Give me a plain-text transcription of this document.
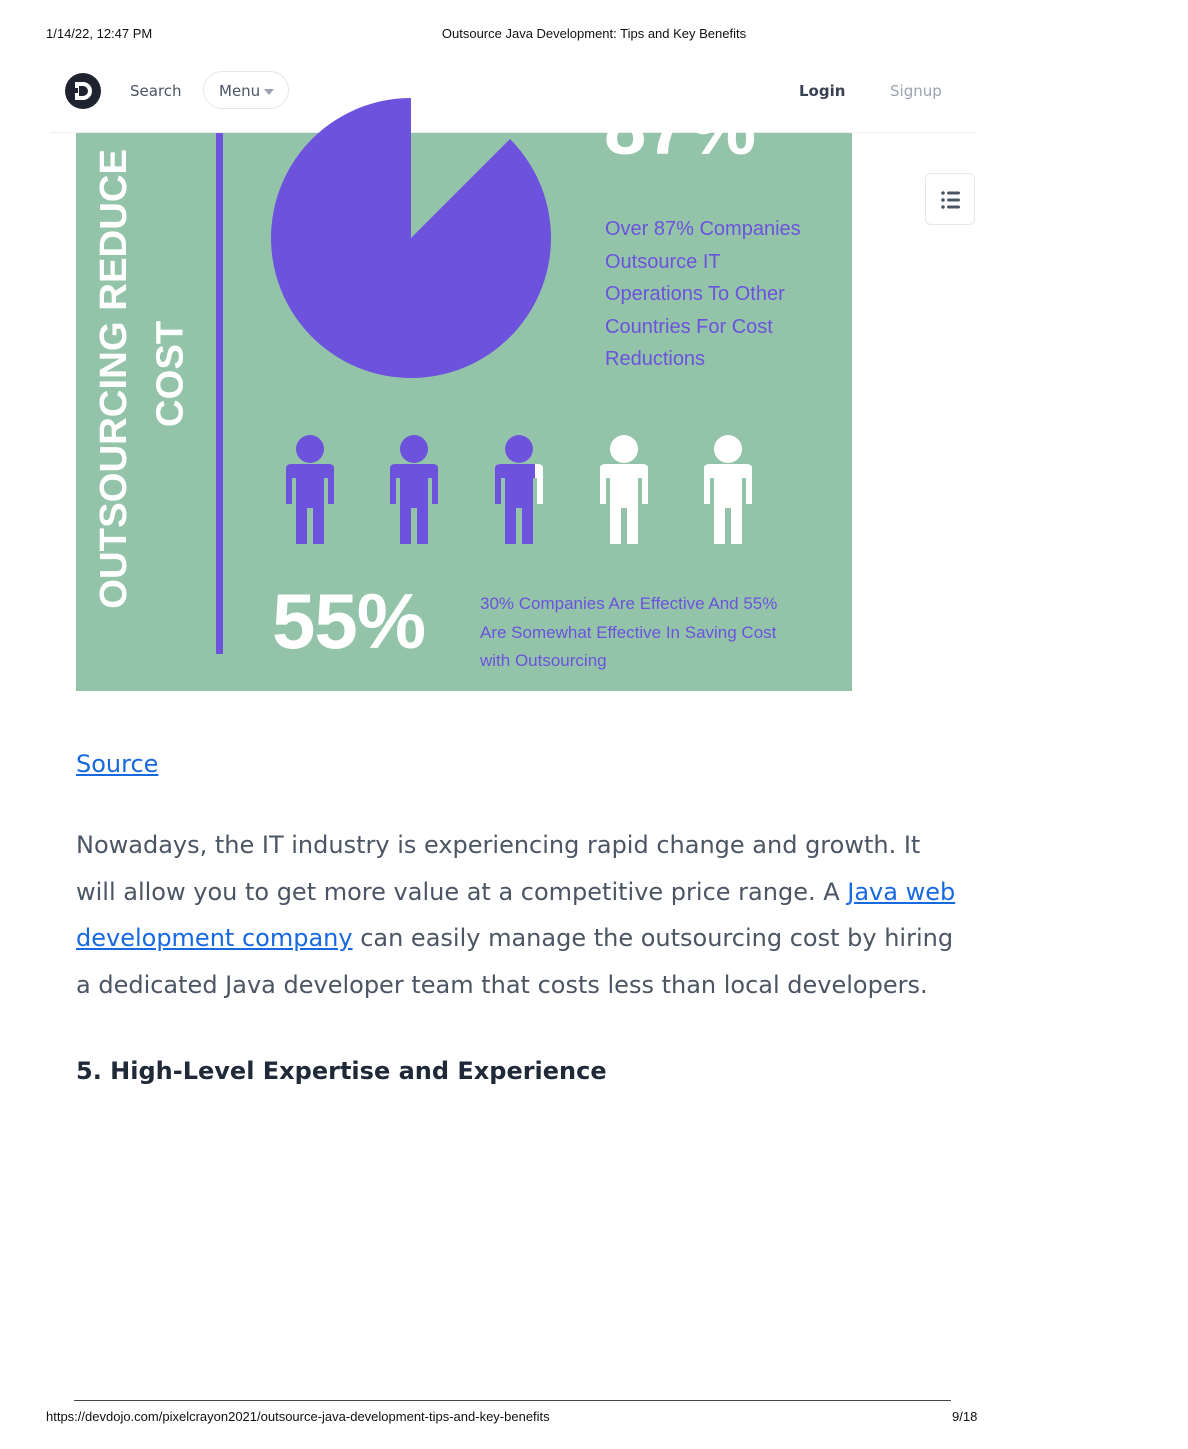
1/14/22, 12:47 PM	Outsource Java Development: Tips and Key Benefits
Search Menu	Login	Signup
OUTSOURCING REDUCE COST
87%
Over 87% Companies
Outsource IT
Operations To Other
Countries For Cost
Reductions
55%	30% Companies Are Effective And 55%
Are Somewhat Effective In Saving Cost
with Outsourcing
Source

Nowadays, the IT industry is experiencing rapid change and growth. It will allow you to get more value at a competitive price range. A Java web development company can easily manage the outsourcing cost by hiring a dedicated Java developer team that costs less than local developers.

5. High-Level Expertise and Experience
https://devdojo.com/pixelcrayon2021/outsource-java-development-tips-and-key-benefits	9/18
